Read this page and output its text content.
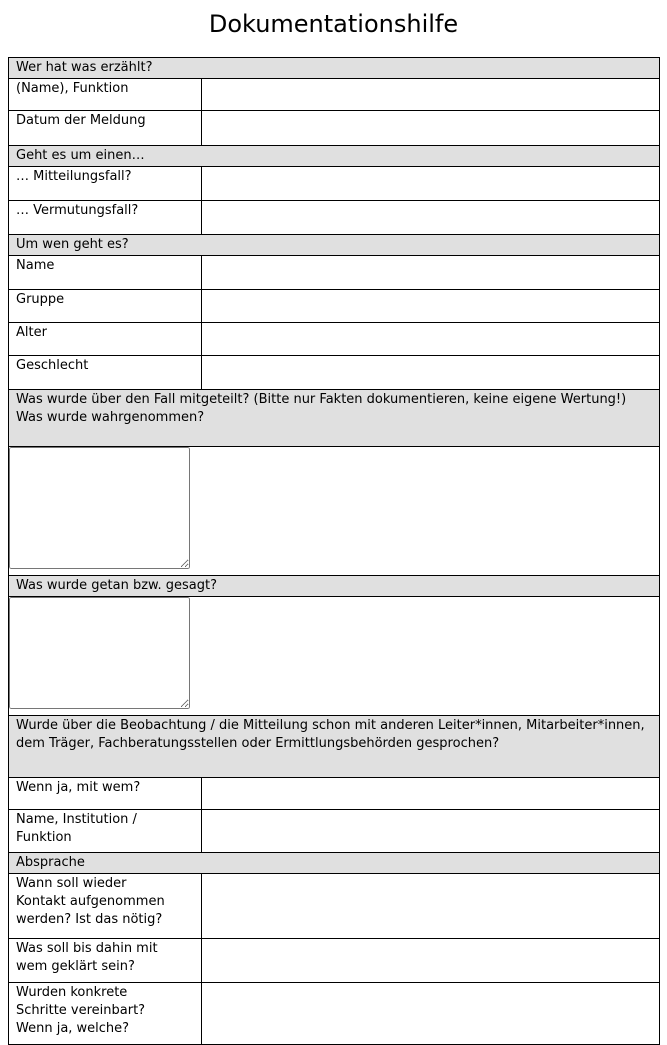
Dokumentationshilfe
Wer hat was erzählt?	
(Name), Funktion	

Datum der Meldung	

Geht es um einen…	
… Mitteilungsfall?	

… Vermutungsfall?	

Um wen geht es?	
Name	

Gruppe	

Alter	

Geschlecht	

Was wurde über den Fall mitgeteilt? (Bitte nur Fakten dokumentieren, keine eigene Wertung!)
Was wurde wahrgenommen?	

Was wurde getan bzw. gesagt?	

Wurde über die Beobachtung / die Mitteilung schon mit anderen Leiter*innen, Mitarbeiter*innen, dem Träger, Fachberatungsstellen oder Ermittlungsbehörden gesprochen?	
Wenn ja, mit wem?	

Name, Institution /
Funktion	

Absprache	
Wann soll wieder
Kontakt aufgenommen
werden? Ist das nötig?	

Was soll bis dahin mit
wem geklärt sein?	

Wurden konkrete
Schritte vereinbart?
Wenn ja, welche?	
